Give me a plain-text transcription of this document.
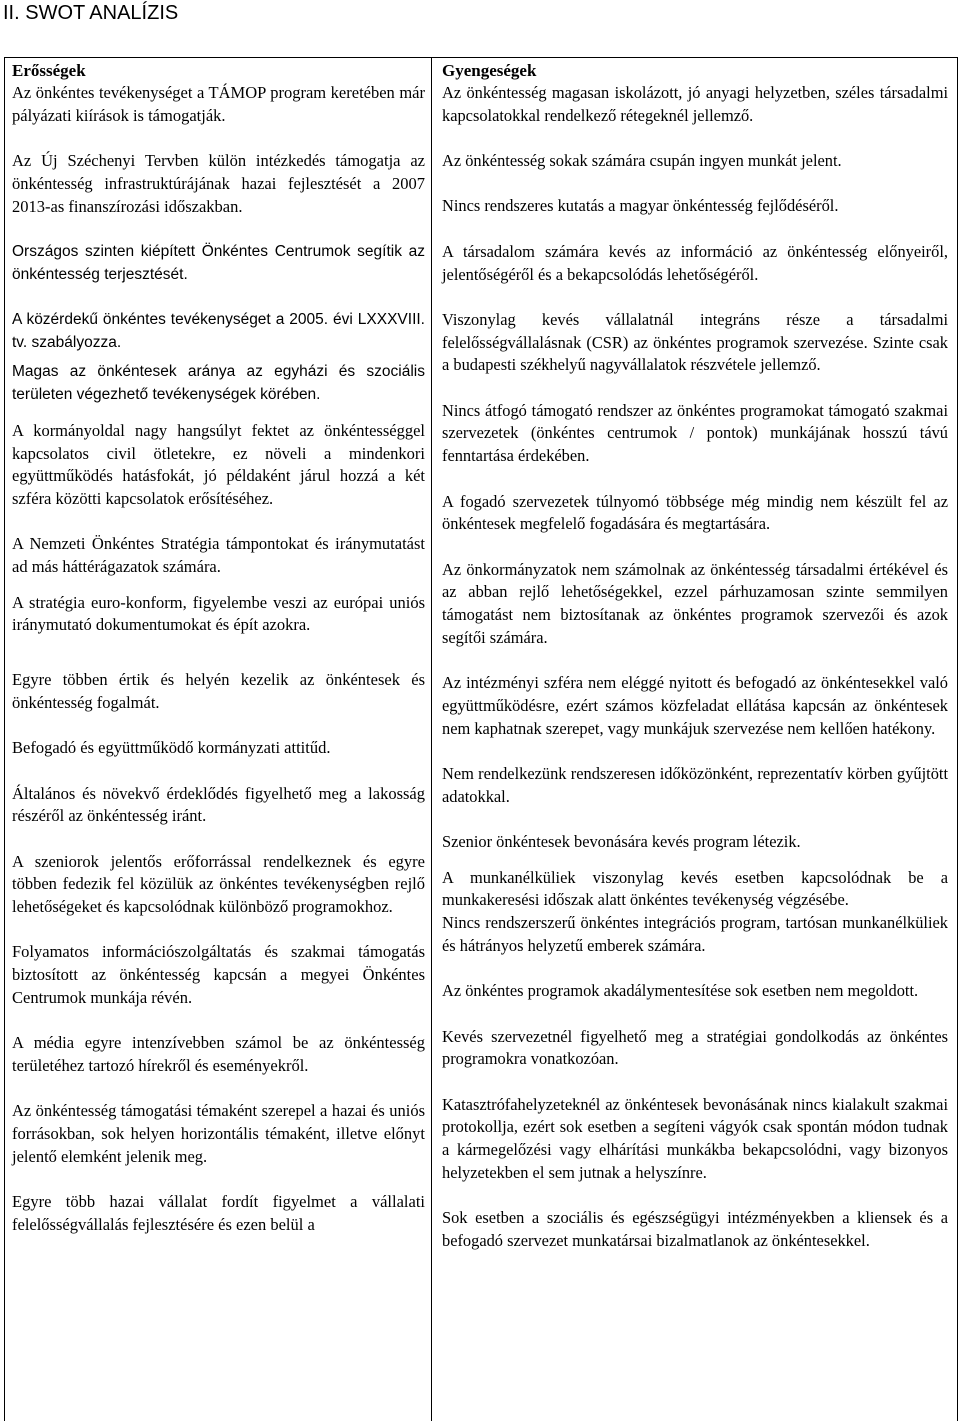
II. SWOT ANALÍZIS

Erősségek

Az önkéntes tevékenységet a TÁMOP program keretében már pályázati kiírások is támogatják.

Az Új Széchenyi Tervben külön intézkedés támogatja az önkéntesség infrastruktúrájának hazai fejlesztését a 2007 2013-as finanszírozási időszakban.

Országos szinten kiépített Önkéntes Centrumok segítik az önkéntesség terjesztését.

A közérdekű önkéntes tevékenységet a 2005. évi LXXXVIII. tv. szabályozza.

Magas az önkéntesek aránya az egyházi és szociális területen végezhető tevékenységek körében.

A kormányoldal nagy hangsúlyt fektet az önkéntességgel kapcsolatos civil ötletekre, ez növeli a mindenkori együttműködés hatásfokát, jó példaként járul hozzá a két szféra közötti kapcsolatok erősítéséhez.

A Nemzeti Önkéntes Stratégia támpontokat és iránymutatást ad más háttérágazatok számára.

A stratégia euro-konform, figyelembe veszi az európai uniós iránymutató dokumentumokat és épít azokra.

Egyre többen értik és helyén kezelik az önkéntesek és önkéntesség fogalmát.

Befogadó és együttműködő kormányzati attitűd.

Általános és növekvő érdeklődés figyelhető meg a lakosság részéről az önkéntesség iránt.

A szeniorok jelentős erőforrással rendelkeznek és egyre többen fedezik fel közülük az önkéntes tevékenységben rejlő lehetőségeket és kapcsolódnak különböző programokhoz.

Folyamatos információszolgáltatás és szakmai támogatás biztosított az önkéntesség kapcsán a megyei Önkéntes Centrumok munkája révén.

A média egyre intenzívebben számol be az önkéntesség területéhez tartozó hírekről és eseményekről.

Az önkéntesség támogatási témaként szerepel a hazai és uniós forrásokban, sok helyen horizontális témaként, illetve előnyt jelentő elemként jelenik meg.

Egyre több hazai vállalat fordít figyelmet a vállalati felelősségvállalás fejlesztésére és ezen belül a

Gyengeségek

Az önkéntesség magasan iskolázott, jó anyagi helyzetben, széles társadalmi kapcsolatokkal rendelkező rétegeknél jellemző.

Az önkéntesség sokak számára csupán ingyen munkát jelent.

Nincs rendszeres kutatás a magyar önkéntesség fejlődéséről.

A társadalom számára kevés az információ az önkéntesség előnyeiről, jelentőségéről és a bekapcsolódás lehetőségéről.

Viszonylag kevés vállalatnál integráns része a társadalmi felelősségvállalásnak (CSR) az önkéntes programok szervezése. Szinte csak a budapesti székhelyű nagyvállalatok részvétele jellemző.

Nincs átfogó támogató rendszer az önkéntes programokat támogató szakmai szervezetek (önkéntes centrumok / pontok) munkájának hosszú távú fenntartása érdekében.

A fogadó szervezetek túlnyomó többsége még mindig nem készült fel az önkéntesek megfelelő fogadására és megtartására.

Az önkormányzatok nem számolnak az önkéntesség társadalmi értékével és az abban rejlő lehetőségekkel, ezzel párhuzamosan szinte semmilyen támogatást nem biztosítanak az önkéntes programok szervezői és azok segítői számára.

Az intézményi szféra nem eléggé nyitott és befogadó az önkéntesekkel való együttműködésre, ezért számos közfeladat ellátása kapcsán az önkéntesek nem kaphatnak szerepet, vagy munkájuk szervezése nem kellően hatékony.

Nem rendelkezünk rendszeresen időközönként, reprezentatív körben gyűjtött adatokkal.

Szenior önkéntesek bevonására kevés program létezik.

A munkanélküliek viszonylag kevés esetben kapcsolódnak be a munkakeresési időszak alatt önkéntes tevékenység végzésébe.

Nincs rendszerszerű önkéntes integrációs program, tartósan munkanélküliek és hátrányos helyzetű emberek számára.

Az önkéntes programok akadálymentesítése sok esetben nem megoldott.

Kevés szervezetnél figyelhető meg a stratégiai gondolkodás az önkéntes programokra vonatkozóan.

Katasztrófahelyzeteknél az önkéntesek bevonásának nincs kialakult szakmai protokollja, ezért sok esetben a segíteni vágyók csak spontán módon tudnak a kármegelőzési vagy elhárítási munkákba bekapcsolódni, vagy bizonyos helyzetekben el sem jutnak a helyszínre.

Sok esetben a szociális és egészségügyi intézményekben a kliensek és a befogadó szervezet munkatársai bizalmatlanok az önkéntesekkel.
